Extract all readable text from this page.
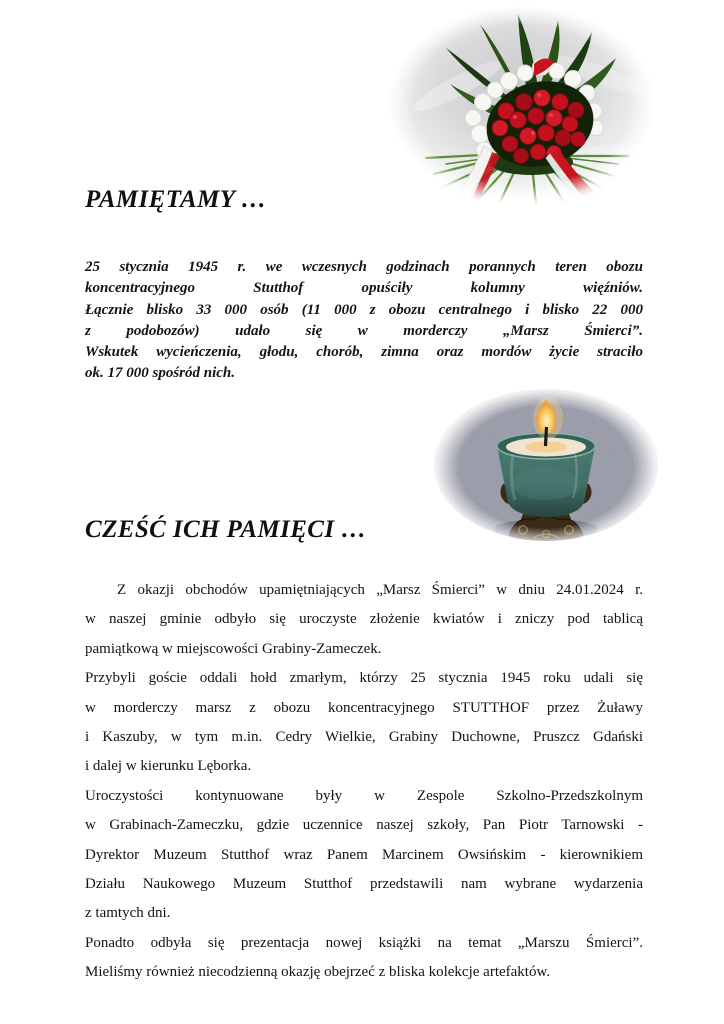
PAMIĘTAMY …
25 stycznia 1945 r. we wczesnych godzinach porannych teren obozu
koncentracyjnego Stutthof opuściły kolumny więźniów.
Łącznie blisko 33 000 osób (11 000 z obozu centralnego i blisko 22 000
z podobozów) udało się w morderczy „Marsz Śmierci”.
Wskutek wycieńczenia, głodu, chorób, zimna oraz mordów życie straciło
ok. 17 000 spośród nich.
CZEŚĆ ICH PAMIĘCI …
Z okazji obchodów upamiętniających „Marsz Śmierci” w dniu 24.01.2024 r.
w naszej gminie odbyło się uroczyste złożenie kwiatów i zniczy pod tablicą
pamiątkową w miejscowości Grabiny-Zameczek.
Przybyli goście oddali hołd zmarłym, którzy 25 stycznia 1945 roku udali się
w morderczy marsz z obozu koncentracyjnego STUTTHOF przez Żuławy
i Kaszuby, w tym m.in. Cedry Wielkie, Grabiny Duchowne, Pruszcz Gdański
i dalej w kierunku Lęborka.
Uroczystości kontynuowane były w Zespole Szkolno-Przedszkolnym
w Grabinach-Zameczku, gdzie uczennice naszej szkoły, Pan Piotr Tarnowski -
Dyrektor Muzeum Stutthof wraz Panem Marcinem Owsińskim - kierownikiem
Działu Naukowego Muzeum Stutthof przedstawili nam wybrane wydarzenia
z tamtych dni.
Ponadto odbyła się prezentacja nowej książki na temat „Marszu Śmierci”.
Mieliśmy również niecodzienną okazję obejrzeć z bliska kolekcje artefaktów.
